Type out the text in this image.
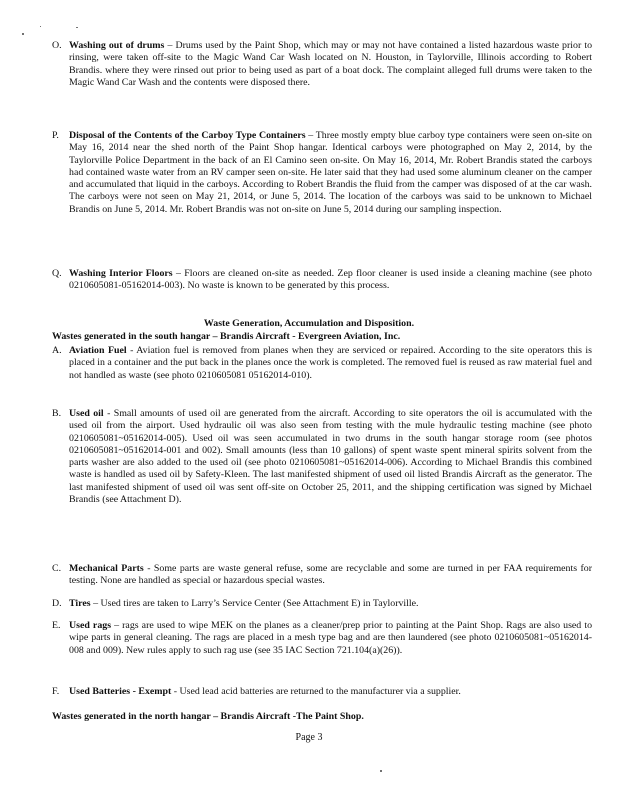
O. Washing out of drums – Drums used by the Paint Shop, which may or may not have contained a listed hazardous waste prior to rinsing, were taken off-site to the Magic Wand Car Wash located on N. Houston, in Taylorville, Illinois according to Robert Brandis. where they were rinsed out prior to being used as part of a boat dock. The complaint alleged full drums were taken to the Magic Wand Car Wash and the contents were disposed there.
P. Disposal of the Contents of the Carboy Type Containers – Three mostly empty blue carboy type containers were seen on-site on May 16, 2014 near the shed north of the Paint Shop hangar. Identical carboys were photographed on May 2, 2014, by the Taylorville Police Department in the back of an El Camino seen on-site. On May 16, 2014, Mr. Robert Brandis stated the carboys had contained waste water from an RV camper seen on-site. He later said that they had used some aluminum cleaner on the camper and accumulated that liquid in the carboys. According to Robert Brandis the fluid from the camper was disposed of at the car wash. The carboys were not seen on May 21, 2014, or June 5, 2014. The location of the carboys was said to be unknown to Michael Brandis on June 5, 2014. Mr. Robert Brandis was not on-site on June 5, 2014 during our sampling inspection.
Q. Washing Interior Floors – Floors are cleaned on-site as needed. Zep floor cleaner is used inside a cleaning machine (see photo 0210605081-05162014-003). No waste is known to be generated by this process.
Waste Generation, Accumulation and Disposition.
Wastes generated in the south hangar – Brandis Aircraft - Evergreen Aviation, Inc.
A. Aviation Fuel - Aviation fuel is removed from planes when they are serviced or repaired. According to the site operators this is placed in a container and the put back in the planes once the work is completed. The removed fuel is reused as raw material fuel and not handled as waste (see photo 0210605081 05162014-010).
B. Used oil - Small amounts of used oil are generated from the aircraft. According to site operators the oil is accumulated with the used oil from the airport. Used hydraulic oil was also seen from testing with the mule hydraulic testing machine (see photo 0210605081~05162014-005). Used oil was seen accumulated in two drums in the south hangar storage room (see photos 0210605081~05162014-001 and 002). Small amounts (less than 10 gallons) of spent waste spent mineral spirits solvent from the parts washer are also added to the used oil (see photo 0210605081~05162014-006). According to Michael Brandis this combined waste is handled as used oil by Safety-Kleen. The last manifested shipment of used oil listed Brandis Aircraft as the generator. The last manifested shipment of used oil was sent off-site on October 25, 2011, and the shipping certification was signed by Michael Brandis (see Attachment D).
C. Mechanical Parts - Some parts are waste general refuse, some are recyclable and some are turned in per FAA requirements for testing. None are handled as special or hazardous special wastes.
D. Tires – Used tires are taken to Larry’s Service Center (See Attachment E) in Taylorville.
E. Used rags – rags are used to wipe MEK on the planes as a cleaner/prep prior to painting at the Paint Shop. Rags are also used to wipe parts in general cleaning. The rags are placed in a mesh type bag and are then laundered (see photo 0210605081~05162014-008 and 009). New rules apply to such rag use (see 35 IAC Section 721.104(a)(26)).
F. Used Batteries - Exempt - Used lead acid batteries are returned to the manufacturer via a supplier.
Wastes generated in the north hangar – Brandis Aircraft -The Paint Shop.
Page 3
